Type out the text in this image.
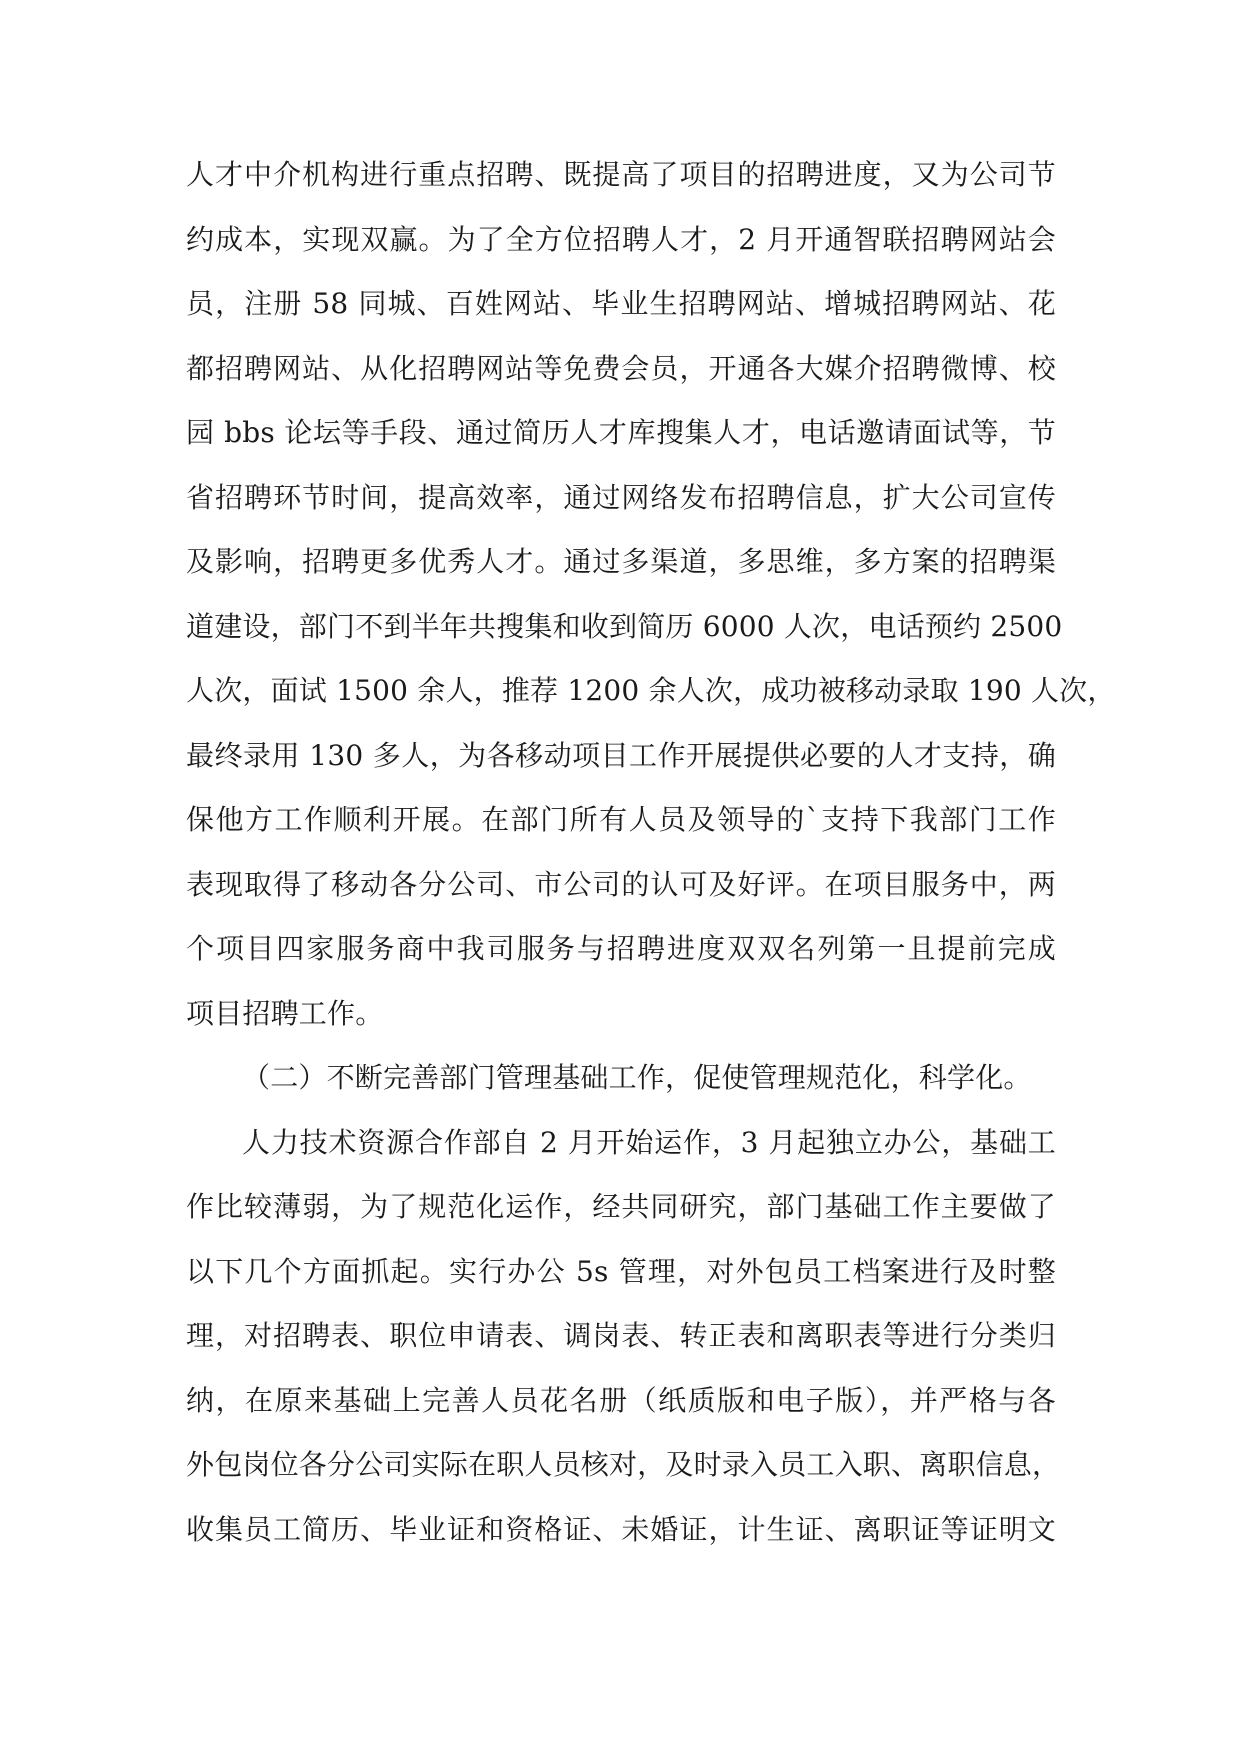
人才中介机构进行重点招聘、既提高了项目的招聘进度，又为公司节
约成本，实现双赢。为了全方位招聘人才，2 月开通智联招聘网站会
员，注册 58 同城、百姓网站、毕业生招聘网站、增城招聘网站、花
都招聘网站、从化招聘网站等免费会员，开通各大媒介招聘微博、校
园 bbs 论坛等手段、通过简历人才库搜集人才，电话邀请面试等，节
省招聘环节时间，提高效率，通过网络发布招聘信息，扩大公司宣传
及影响，招聘更多优秀人才。通过多渠道，多思维，多方案的招聘渠
道建设，部门不到半年共搜集和收到简历 6000 人次，电话预约 2500
人次，面试 1500 余人，推荐 1200 余人次，成功被移动录取 190 人次，
最终录用 130 多人，为各移动项目工作开展提供必要的人才支持，确
保他方工作顺利开展。在部门所有人员及领导的`支持下我部门工作
表现取得了移动各分公司、市公司的认可及好评。在项目服务中，两
个项目四家服务商中我司服务与招聘进度双双名列第一且提前完成
项目招聘工作。
（二）不断完善部门管理基础工作，促使管理规范化，科学化。
人力技术资源合作部自 2 月开始运作，3 月起独立办公，基础工
作比较薄弱，为了规范化运作，经共同研究，部门基础工作主要做了
以下几个方面抓起。实行办公 5s 管理，对外包员工档案进行及时整
理，对招聘表、职位申请表、调岗表、转正表和离职表等进行分类归
纳，在原来基础上完善人员花名册（纸质版和电子版），并严格与各
外包岗位各分公司实际在职人员核对，及时录入员工入职、离职信息，
收集员工简历、毕业证和资格证、未婚证，计生证、离职证等证明文
